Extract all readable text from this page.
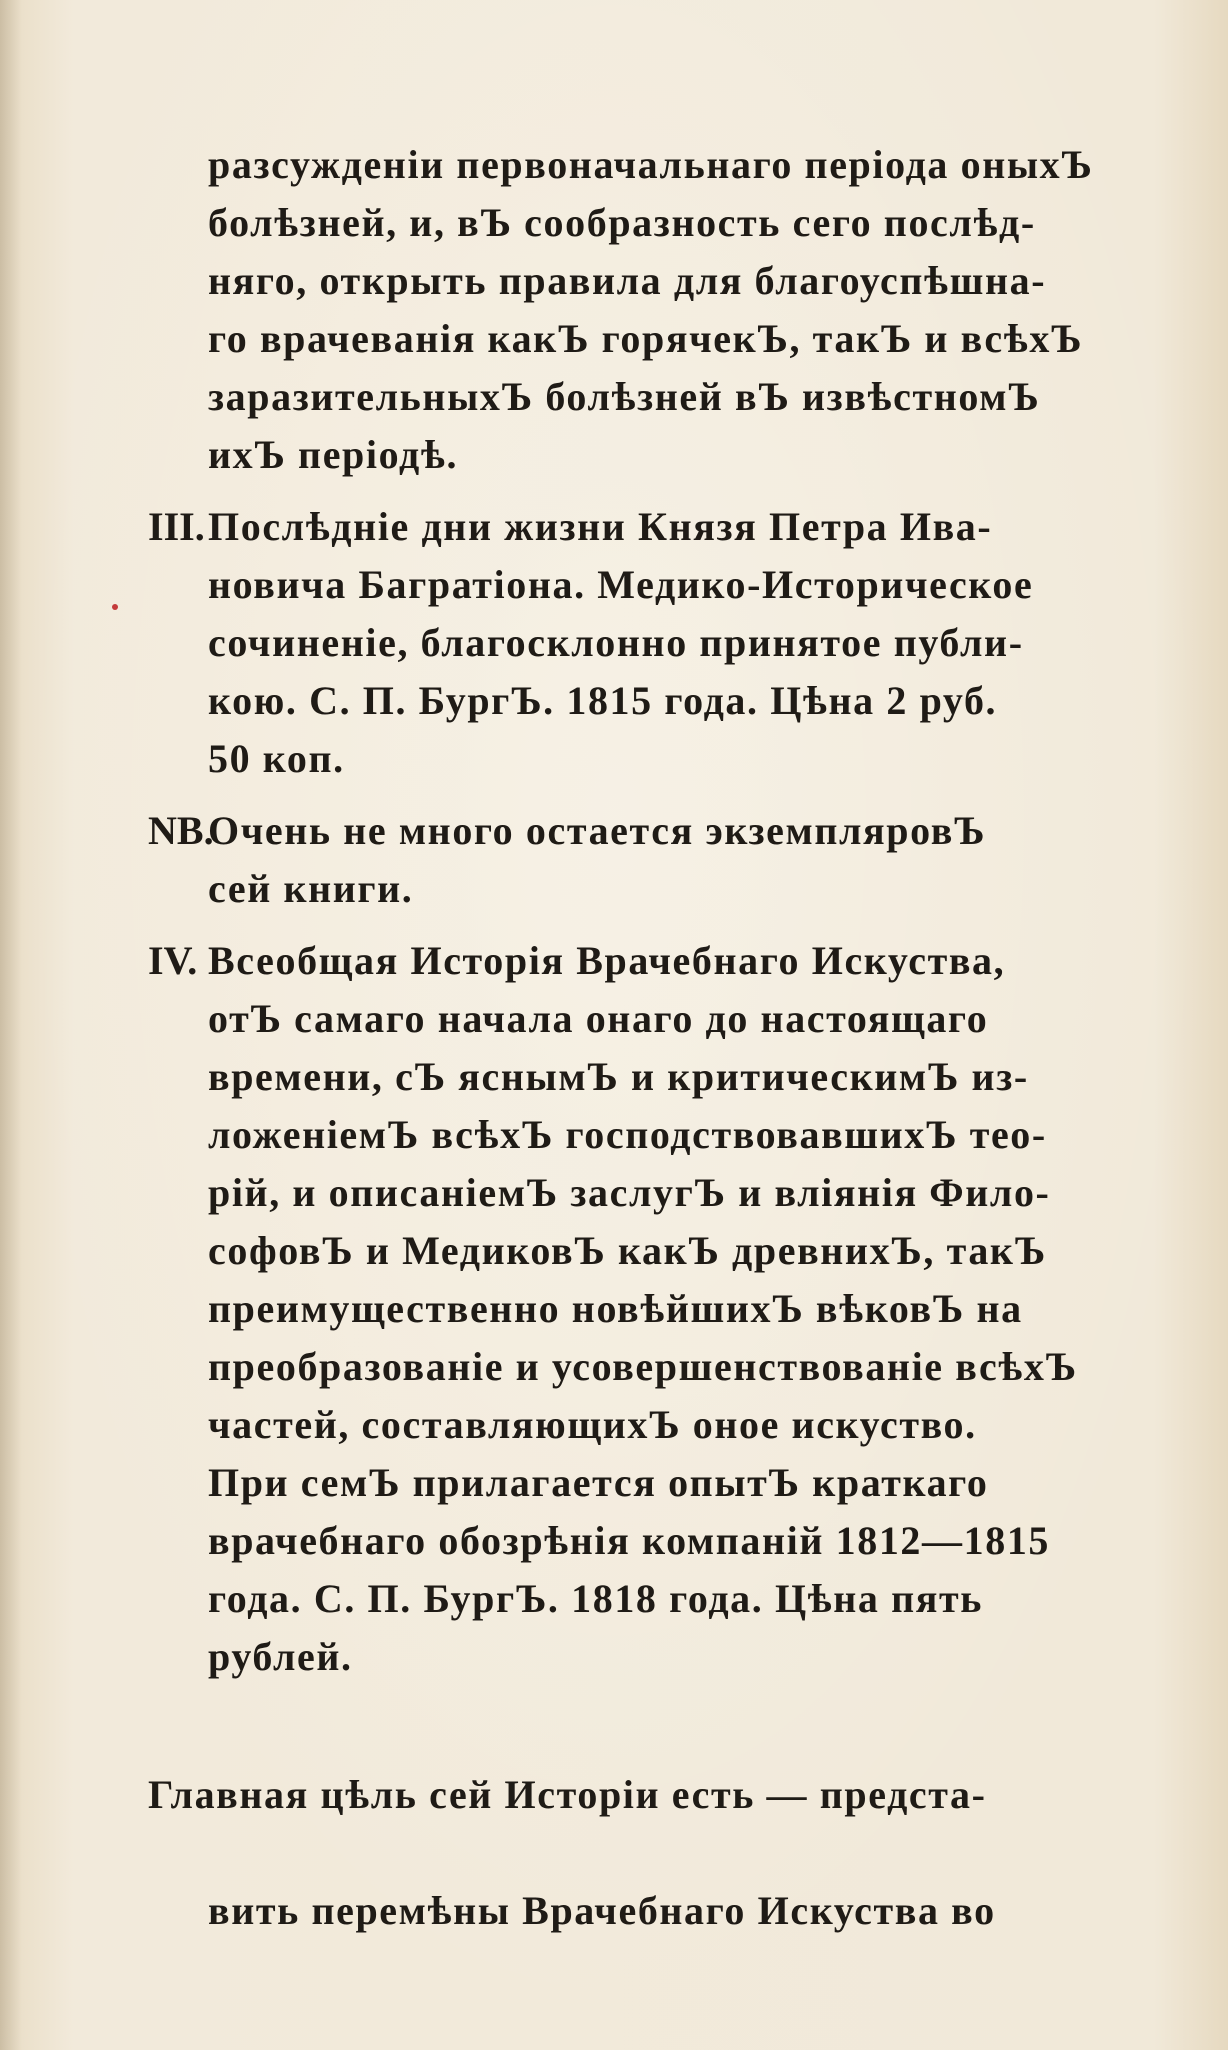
разсужденіи первоначальнаго періода оныхЪ
болѣзней, и, вЪ сообразность сего послѣд-
няго, открыть правила для благоуспѣшна-
го врачеванія какЪ горячекЪ, такЪ и всѣхЪ
заразительныхЪ болѣзней вЪ извѣстномЪ
ихЪ періодѣ.

III. Послѣдніе дни жизни Князя Петра Ива-
новича Багратіона. Медико-Историческое
сочиненіе, благосклонно принятое публи-
кою. С. П. БургЪ. 1815 года. Цѣна 2 руб.
50 коп.

NB.

Очень не много остается экземпляровЪ
сей книги.

IV. Всеобщая Исторія Врачебнаго Искуства,
отЪ самаго начала онаго до настоящаго
времени, сЪ яснымЪ и критическимЪ из-
ложеніемЪ всѣхЪ господствовавшихЪ тео-
рій, и описаніемЪ заслугЪ и вліянія Фило-
софовЪ и МедиковЪ какЪ древнихЪ, такЪ
преимущественно новѣйшихЪ вѣковЪ на
преобразованіе и усовершенствованіе всѣхЪ
частей, составляющихЪ оное искуство.
При семЪ прилагается опытЪ краткаго
врачебнаго обозрѣнія компаній 1812—1815
года. С. П. БургЪ. 1818 года. Цѣна пять
рублей.

Главная цѣль сей Исторіи есть — предста-

вить перемѣны Врачебнаго Искуства во
